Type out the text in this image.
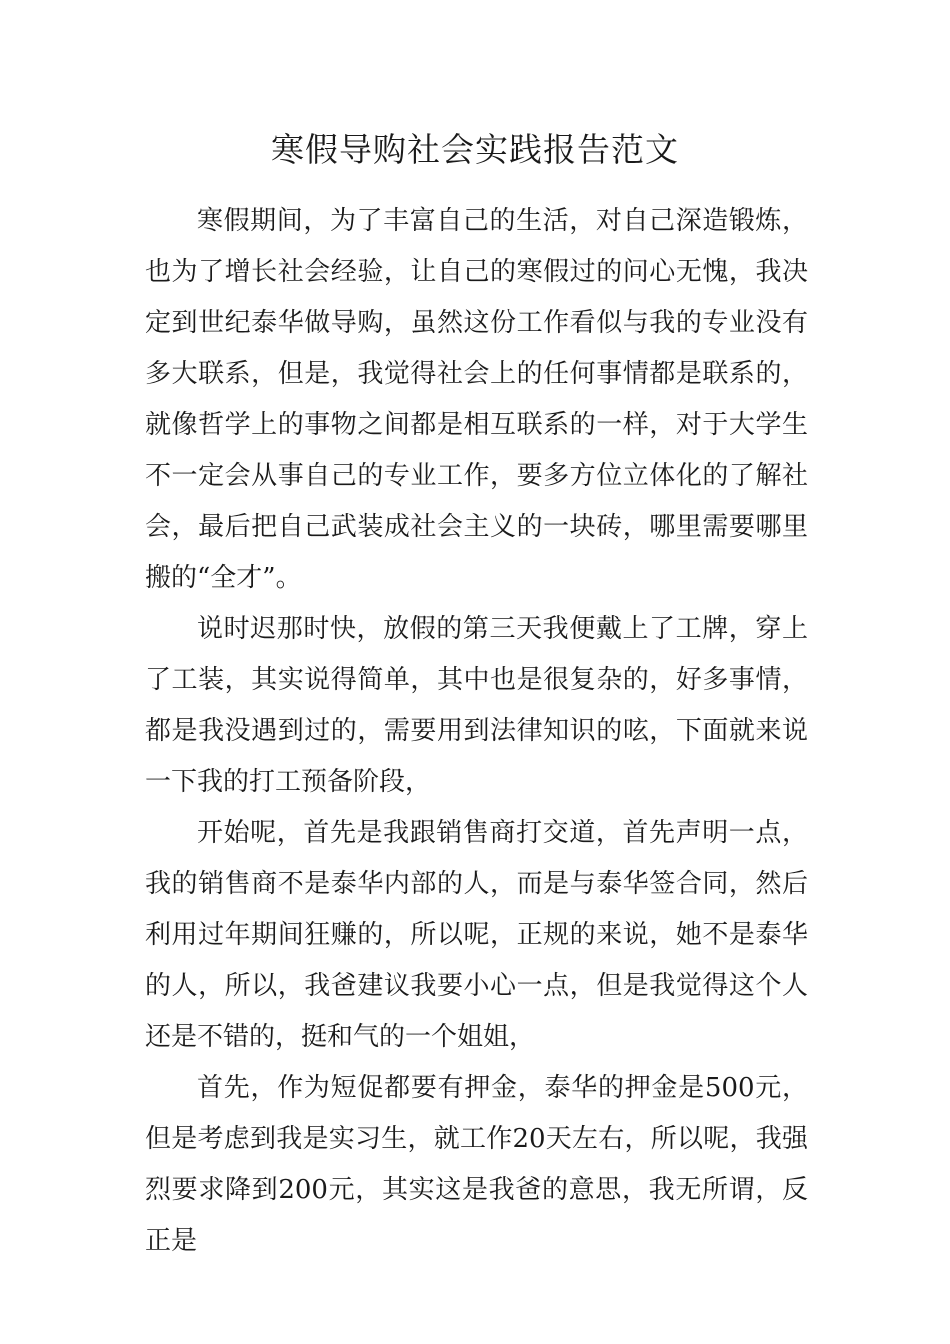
寒假导购社会实践报告范文

寒假期间，为了丰富自己的生活，对自己深造锻炼，也为了增长社会经验，让自己的寒假过的问心无愧，我决定到世纪泰华做导购，虽然这份工作看似与我的专业没有多大联系，但是，我觉得社会上的任何事情都是联系的，就像哲学上的事物之间都是相互联系的一样，对于大学生不一定会从事自己的专业工作，要多方位立体化的了解社会，最后把自己武装成社会主义的一块砖，哪里需要哪里搬的“全才”。

说时迟那时快，放假的第三天我便戴上了工牌，穿上了工装，其实说得简单，其中也是很复杂的，好多事情，都是我没遇到过的，需要用到法律知识的呟，下面就来说一下我的打工预备阶段，

开始呢，首先是我跟销售商打交道，首先声明一点，我的销售商不是泰华内部的人，而是与泰华签合同，然后利用过年期间狂赚的，所以呢，正规的来说，她不是泰华的人，所以，我爸建议我要小心一点，但是我觉得这个人还是不错的，挺和气的一个姐姐，

首先，作为短促都要有押金，泰华的押金是500元，但是考虑到我是实习生，就工作20天左右，所以呢，我强烈要求降到200元，其实这是我爸的意思，我无所谓，反正是
